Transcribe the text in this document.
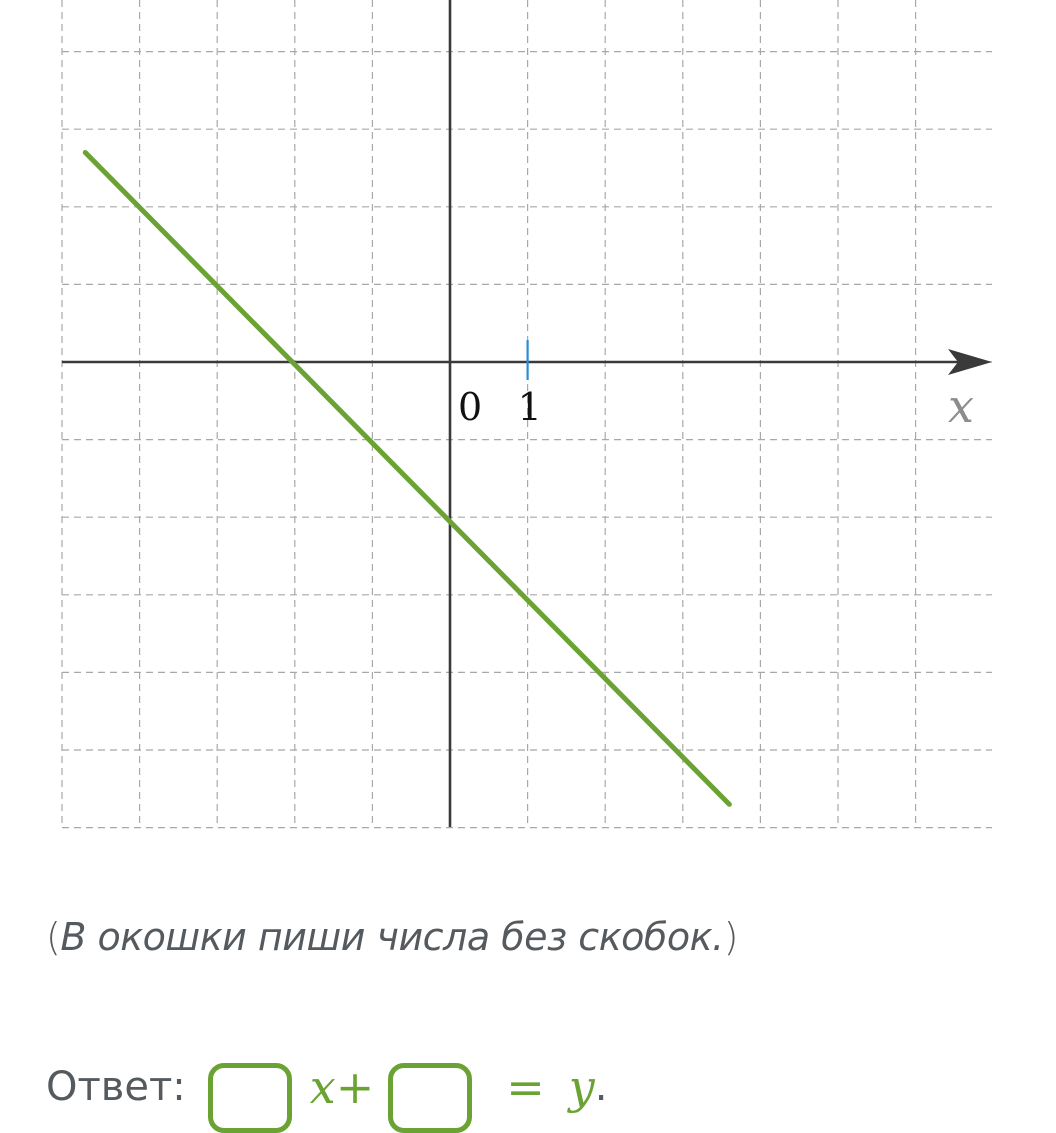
0 1	x
(В окошки пиши числа без скобок.)
Ответ:	x +	= y .
